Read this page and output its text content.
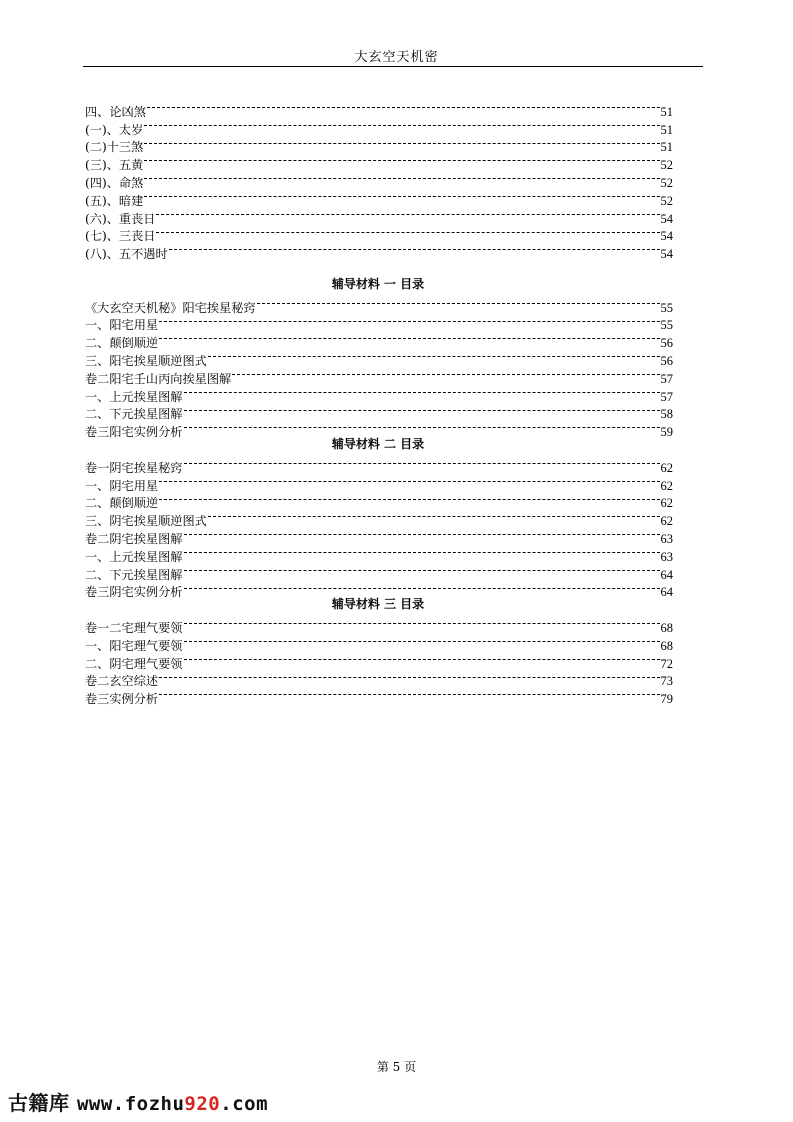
大玄空天机密
四、论凶煞	51
(一)、太岁	51
(二)十三煞	51
(三)、五黄	52
(四)、命煞	52
(五)、暗建	52
(六)、重丧日	54
(七)、三丧日	54
(八)、五不遇时	54
辅导材料 一 目录
《大玄空天机秘》阳宅挨星秘窍	55
一、阳宅用星	55
二、颠倒顺逆	56
三、阳宅挨星顺逆图式	56
卷二阳宅壬山丙向挨星图解	57
一、上元挨星图解	57
二、下元挨星图解	58
卷三阳宅实例分析	59
辅导材料 二 目录
卷一阴宅挨星秘窍	62
一、阴宅用星	62
二、颠倒顺逆	62
三、阴宅挨星顺逆图式	62
卷二阴宅挨星图解	63
一、上元挨星图解	63
二、下元挨星图解	64
卷三阴宅实例分析	64
辅导材料 三 目录
卷一二宅理气要领	68
一、阳宅理气要领	68
二、阴宅理气要领	72
卷二玄空综述	73
卷三实例分析	79
第 5 页
古籍库 www.fozhu920.com
